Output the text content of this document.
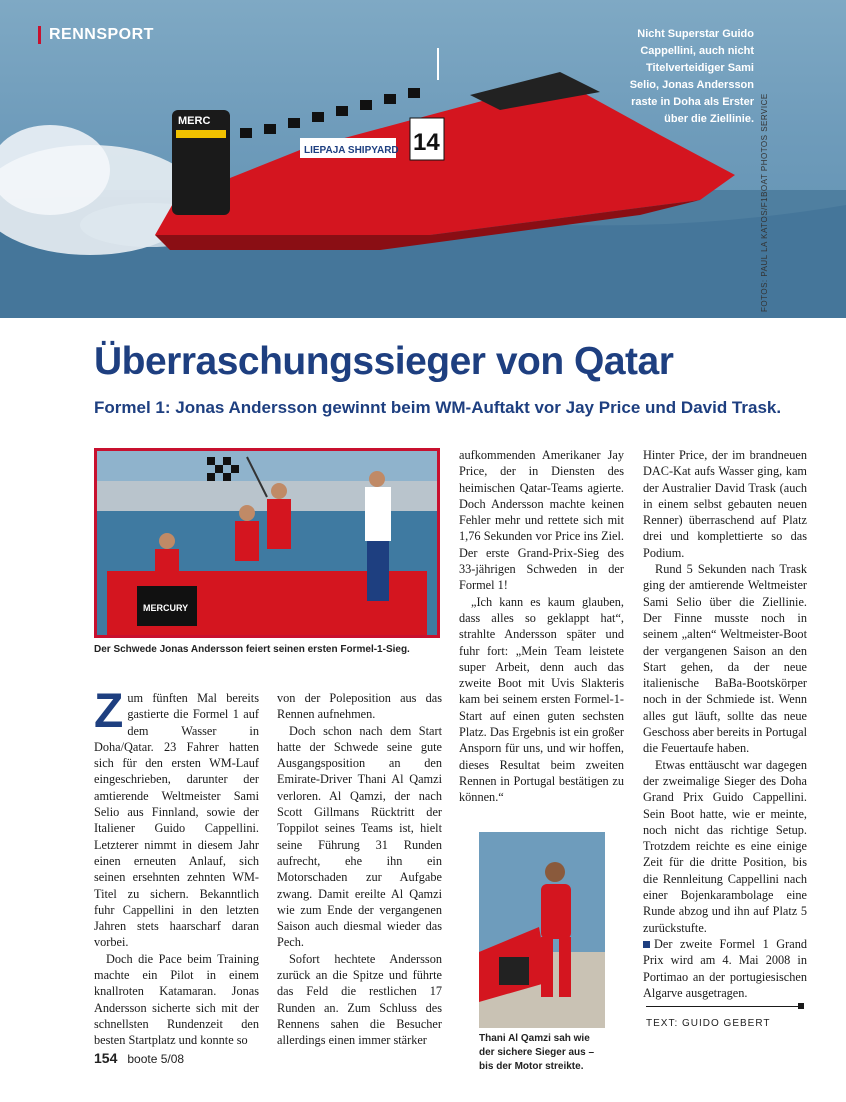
MERC
14
LIEPAJA SHIPYARD
RENNSPORT	Nicht Superstar Guido Cappellini, auch nicht Titelverteidiger Sami Selio, Jonas Andersson raste in Doha als Erster über die Ziellinie. FOTOS: PAUL LA KATOS/F1BOAT PHOTOS SERVICE
Überraschungssieger von Qatar
Formel 1: Jonas Andersson gewinnt beim WM-Auftakt vor Jay Price und David Trask.
MERCURY
Der Schwede Jonas Andersson feiert seinen ersten Formel-1-Sieg.

Zum fünften Mal bereits gastierte die Formel 1 auf dem Wasser in Doha/Qatar. 23 Fahrer hatten sich für den ersten WM-Lauf eingeschrieben, darunter der amtierende Weltmeister Sami Selio aus Finnland, sowie der Italiener Guido Cappellini. Letzterer nimmt in diesem Jahr einen erneuten Anlauf, sich seinen ersehnten zehnten WM-Titel zu sichern. Bekanntlich fuhr Cappellini in den letzten Jahren stets haarscharf daran vorbei.

Doch die Pace beim Training machte ein Pilot in einem knallroten Katamaran. Jonas Andersson sicherte sich mit der schnellsten Rundenzeit den besten Startplatz und konnte so

von der Poleposition aus das Rennen aufnehmen.

Doch schon nach dem Start hatte der Schwede seine gute Ausgangsposition an den Emirate-Driver Thani Al Qamzi verloren. Al Qamzi, der nach Scott Gillmans Rücktritt der Toppilot seines Teams ist, hielt seine Führung 31 Runden aufrecht, ehe ihn ein Motorschaden zur Aufgabe zwang. Damit ereilte Al Qamzi wie zum Ende der vergangenen Saison auch diesmal wieder das Pech.

Sofort hechtete Andersson zurück an die Spitze und führte das Feld die restlichen 17 Runden an. Zum Schluss des Rennens sahen die Besucher allerdings einen immer stärker

aufkommenden Amerikaner Jay Price, der in Diensten des heimischen Qatar-Teams agierte. Doch Andersson machte keinen Fehler mehr und rettete sich mit 1,76 Sekunden vor Price ins Ziel. Der erste Grand-Prix-Sieg des 33-jährigen Schweden in der Formel 1!

„Ich kann es kaum glauben, dass alles so geklappt hat“, strahlte Andersson später und fuhr fort: „Mein Team leistete super Arbeit, denn auch das zweite Boot mit Uvis Slakteris kam bei seinem ersten Formel-1-Start auf einen guten sechsten Platz. Das Ergebnis ist ein großer Ansporn für uns, und wir hoffen, dieses Resultat beim zweiten Rennen in Portugal bestätigen zu können.“

Thani Al Qamzi sah wie der sichere Sieger aus – bis der Motor streikte.

Hinter Price, der im brandneuen DAC-Kat aufs Wasser ging, kam der Australier David Trask (auch in einem selbst gebauten neuen Renner) überraschend auf Platz drei und komplettierte so das Podium.

Rund 5 Sekunden nach Trask ging der amtierende Weltmeister Sami Selio über die Ziellinie. Der Finne musste noch in seinem „alten“ Weltmeister-Boot der vergangenen Saison an den Start gehen, da der neue italienische BaBa-Bootskörper noch in der Schmiede ist. Wenn alles gut läuft, sollte das neue Geschoss aber bereits in Portugal die Feuertaufe haben.

Etwas enttäuscht war dagegen der zweimalige Sieger des Doha Grand Prix Guido Cappellini. Sein Boot hatte, wie er meinte, noch nicht das richtige Setup. Trotzdem reichte es eine einige Zeit für die dritte Position, bis die Rennleitung Cappellini nach einer Bojenkarambolage eine Runde abzog und ihn auf Platz 5 zurückstufte.

Der zweite Formel 1 Grand Prix wird am 4. Mai 2008 in Portimao an der portugiesischen Algarve ausgetragen.

TEXT: GUIDO GEBERT
154 boote 5/08
